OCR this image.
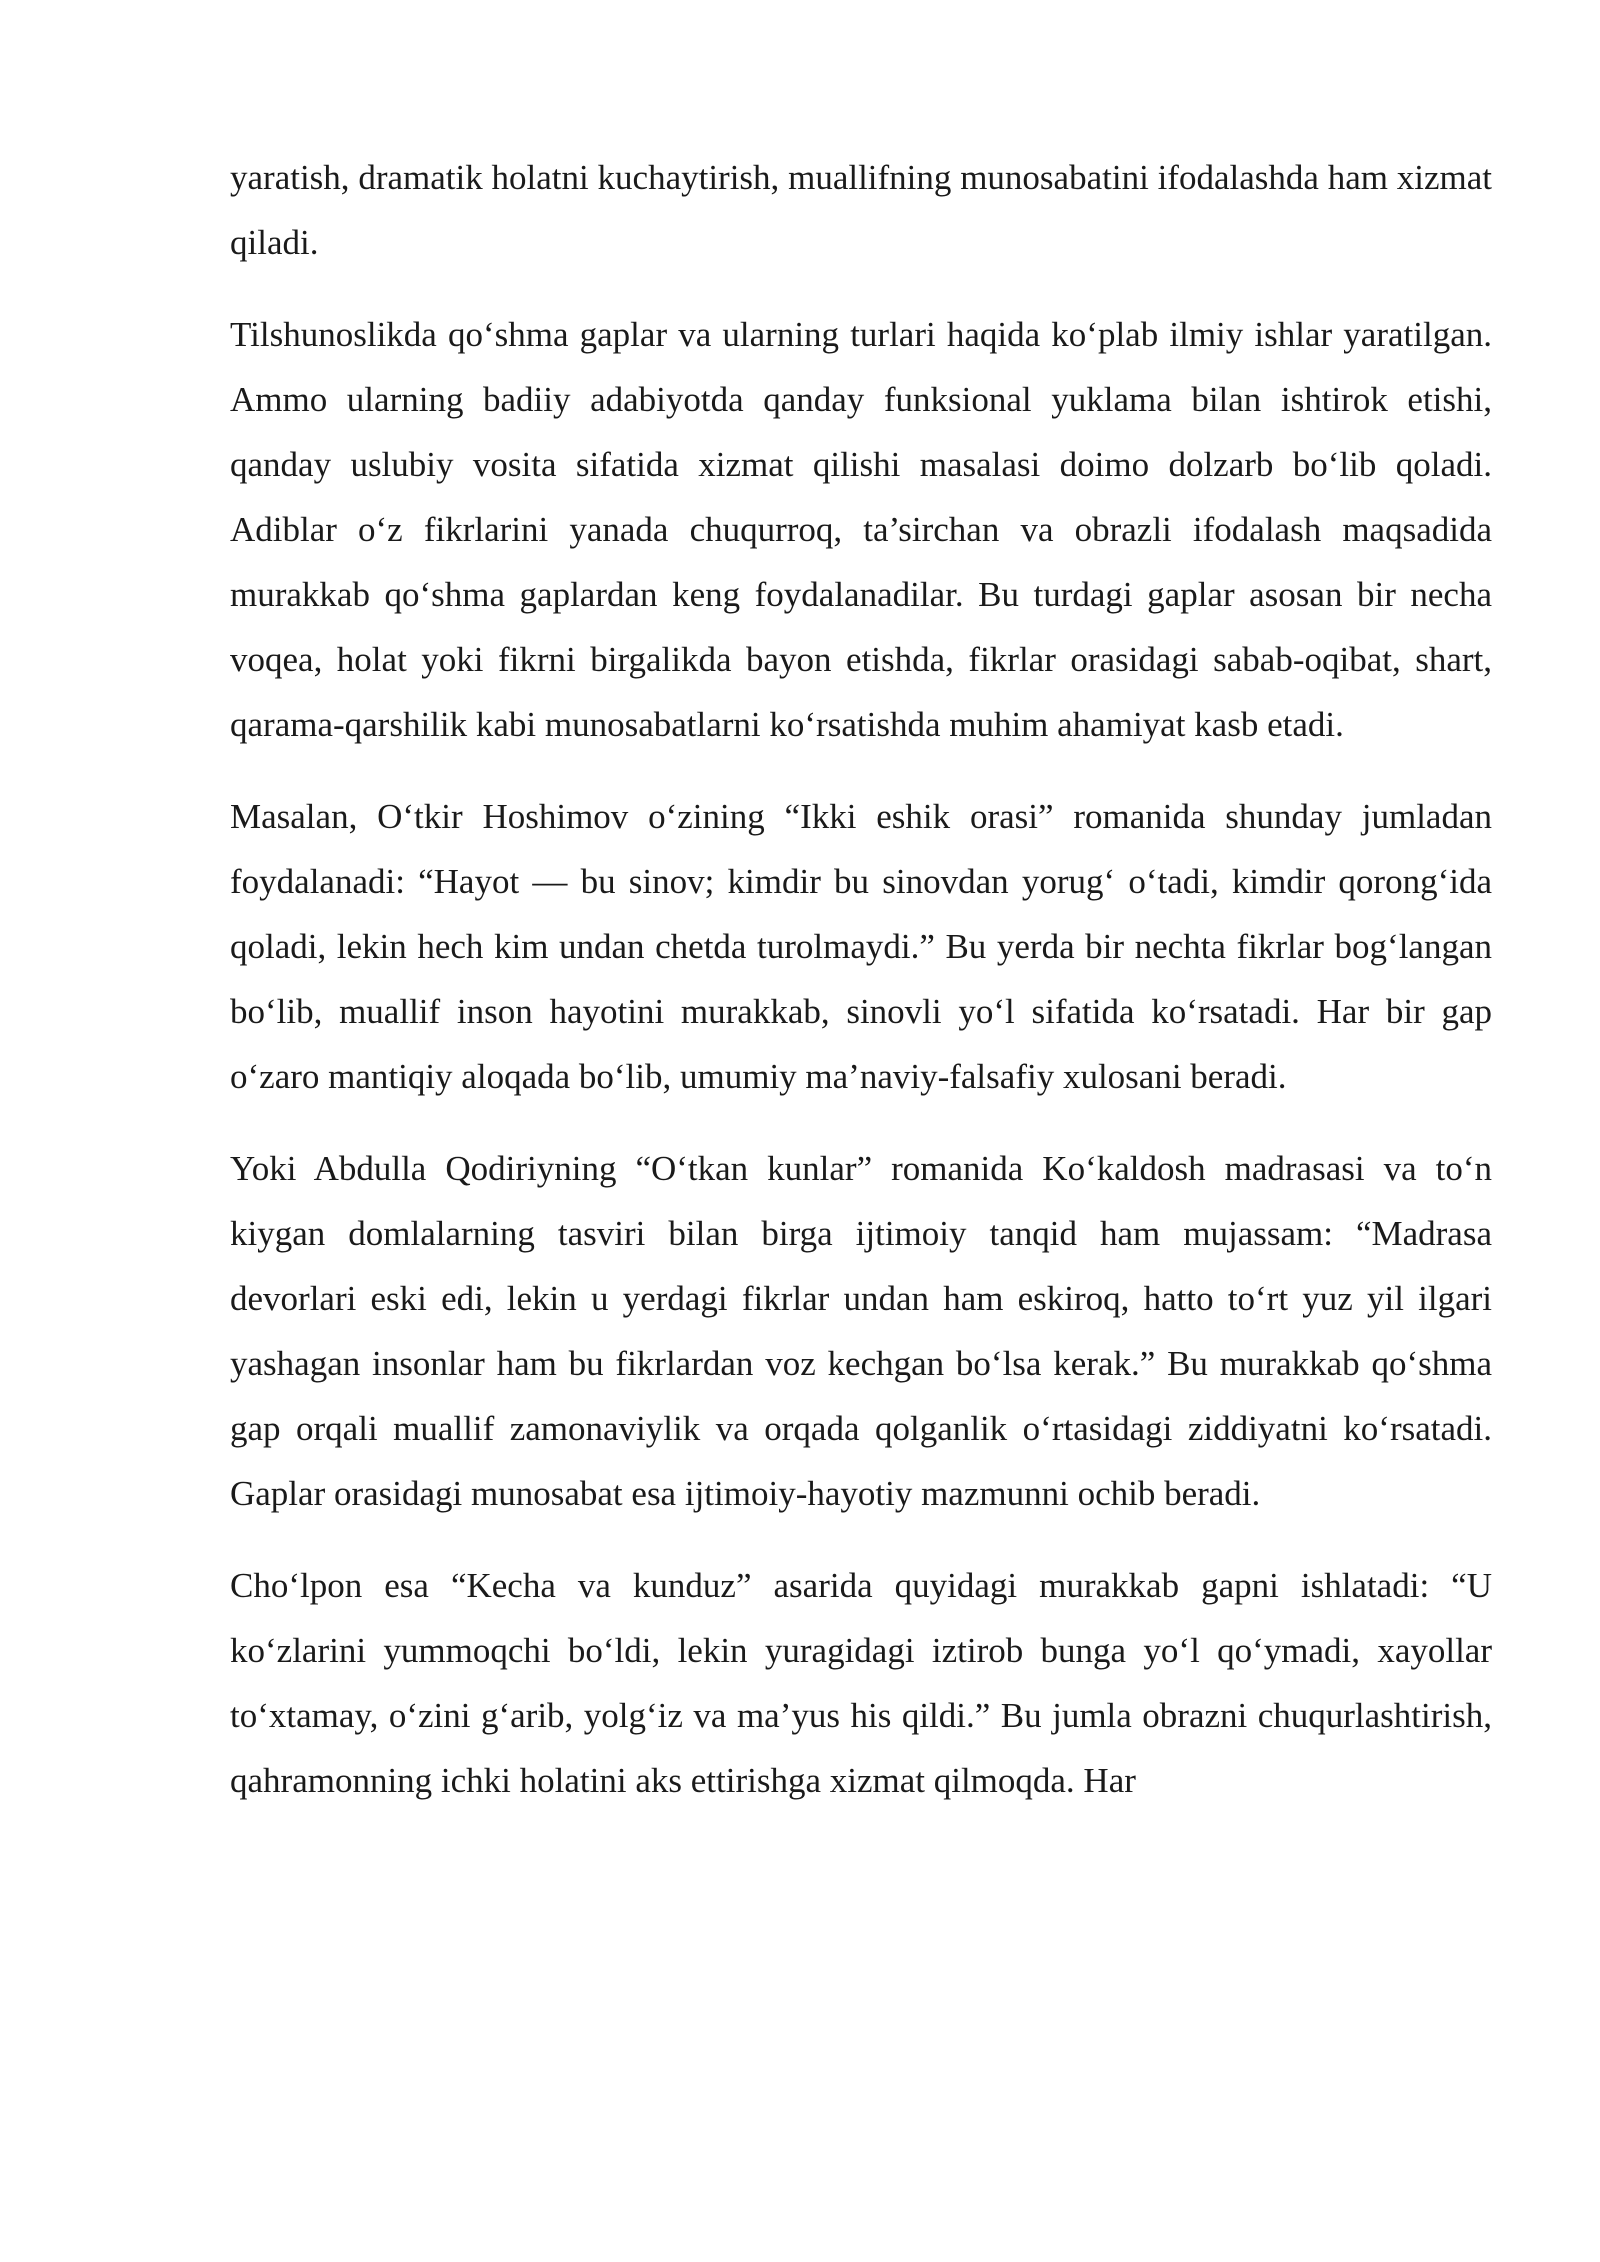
yaratish, dramatik holatni kuchaytirish, muallifning munosabatini ifodalashda ham xizmat qiladi.

Tilshunoslikda qo‘shma gaplar va ularning turlari haqida ko‘plab ilmiy ishlar yaratilgan. Ammo ularning badiiy adabiyotda qanday funksional yuklama bilan ishtirok etishi, qanday uslubiy vosita sifatida xizmat qilishi masalasi doimo dolzarb bo‘lib qoladi. Adiblar o‘z fikrlarini yanada chuqurroq, ta’sirchan va obrazli ifodalash maqsadida murakkab qo‘shma gaplardan keng foydalanadilar. Bu turdagi gaplar asosan bir necha voqea, holat yoki fikrni birgalikda bayon etishda, fikrlar orasidagi sabab-oqibat, shart, qarama-qarshilik kabi munosabatlarni ko‘rsatishda muhim ahamiyat kasb etadi.

Masalan, O‘tkir Hoshimov o‘zining “Ikki eshik orasi” romanida shunday jumladan foydalanadi: “Hayot — bu sinov; kimdir bu sinovdan yorug‘ o‘tadi, kimdir qorong‘ida qoladi, lekin hech kim undan chetda turolmaydi.” Bu yerda bir nechta fikrlar bog‘langan bo‘lib, muallif inson hayotini murakkab, sinovli yo‘l sifatida ko‘rsatadi. Har bir gap o‘zaro mantiqiy aloqada bo‘lib, umumiy ma’naviy-falsafiy xulosani beradi.

Yoki Abdulla Qodiriyning “O‘tkan kunlar” romanida Ko‘kaldosh madrasasi va to‘n kiygan domlalarning tasviri bilan birga ijtimoiy tanqid ham mujassam: “Madrasa devorlari eski edi, lekin u yerdagi fikrlar undan ham eskiroq, hatto to‘rt yuz yil ilgari yashagan insonlar ham bu fikrlardan voz kechgan bo‘lsa kerak.” Bu murakkab qo‘shma gap orqali muallif zamonaviylik va orqada qolganlik o‘rtasidagi ziddiyatni ko‘rsatadi. Gaplar orasidagi munosabat esa ijtimoiy-hayotiy mazmunni ochib beradi.

Cho‘lpon esa “Kecha va kunduz” asarida quyidagi murakkab gapni ishlatadi: “U ko‘zlarini yummoqchi bo‘ldi, lekin yuragidagi iztirob bunga yo‘l qo‘ymadi, xayollar to‘xtamay, o‘zini g‘arib, yolg‘iz va ma’yus his qildi.” Bu jumla obrazni chuqurlashtirish, qahramonning ichki holatini aks ettirishga xizmat qilmoqda. Har
